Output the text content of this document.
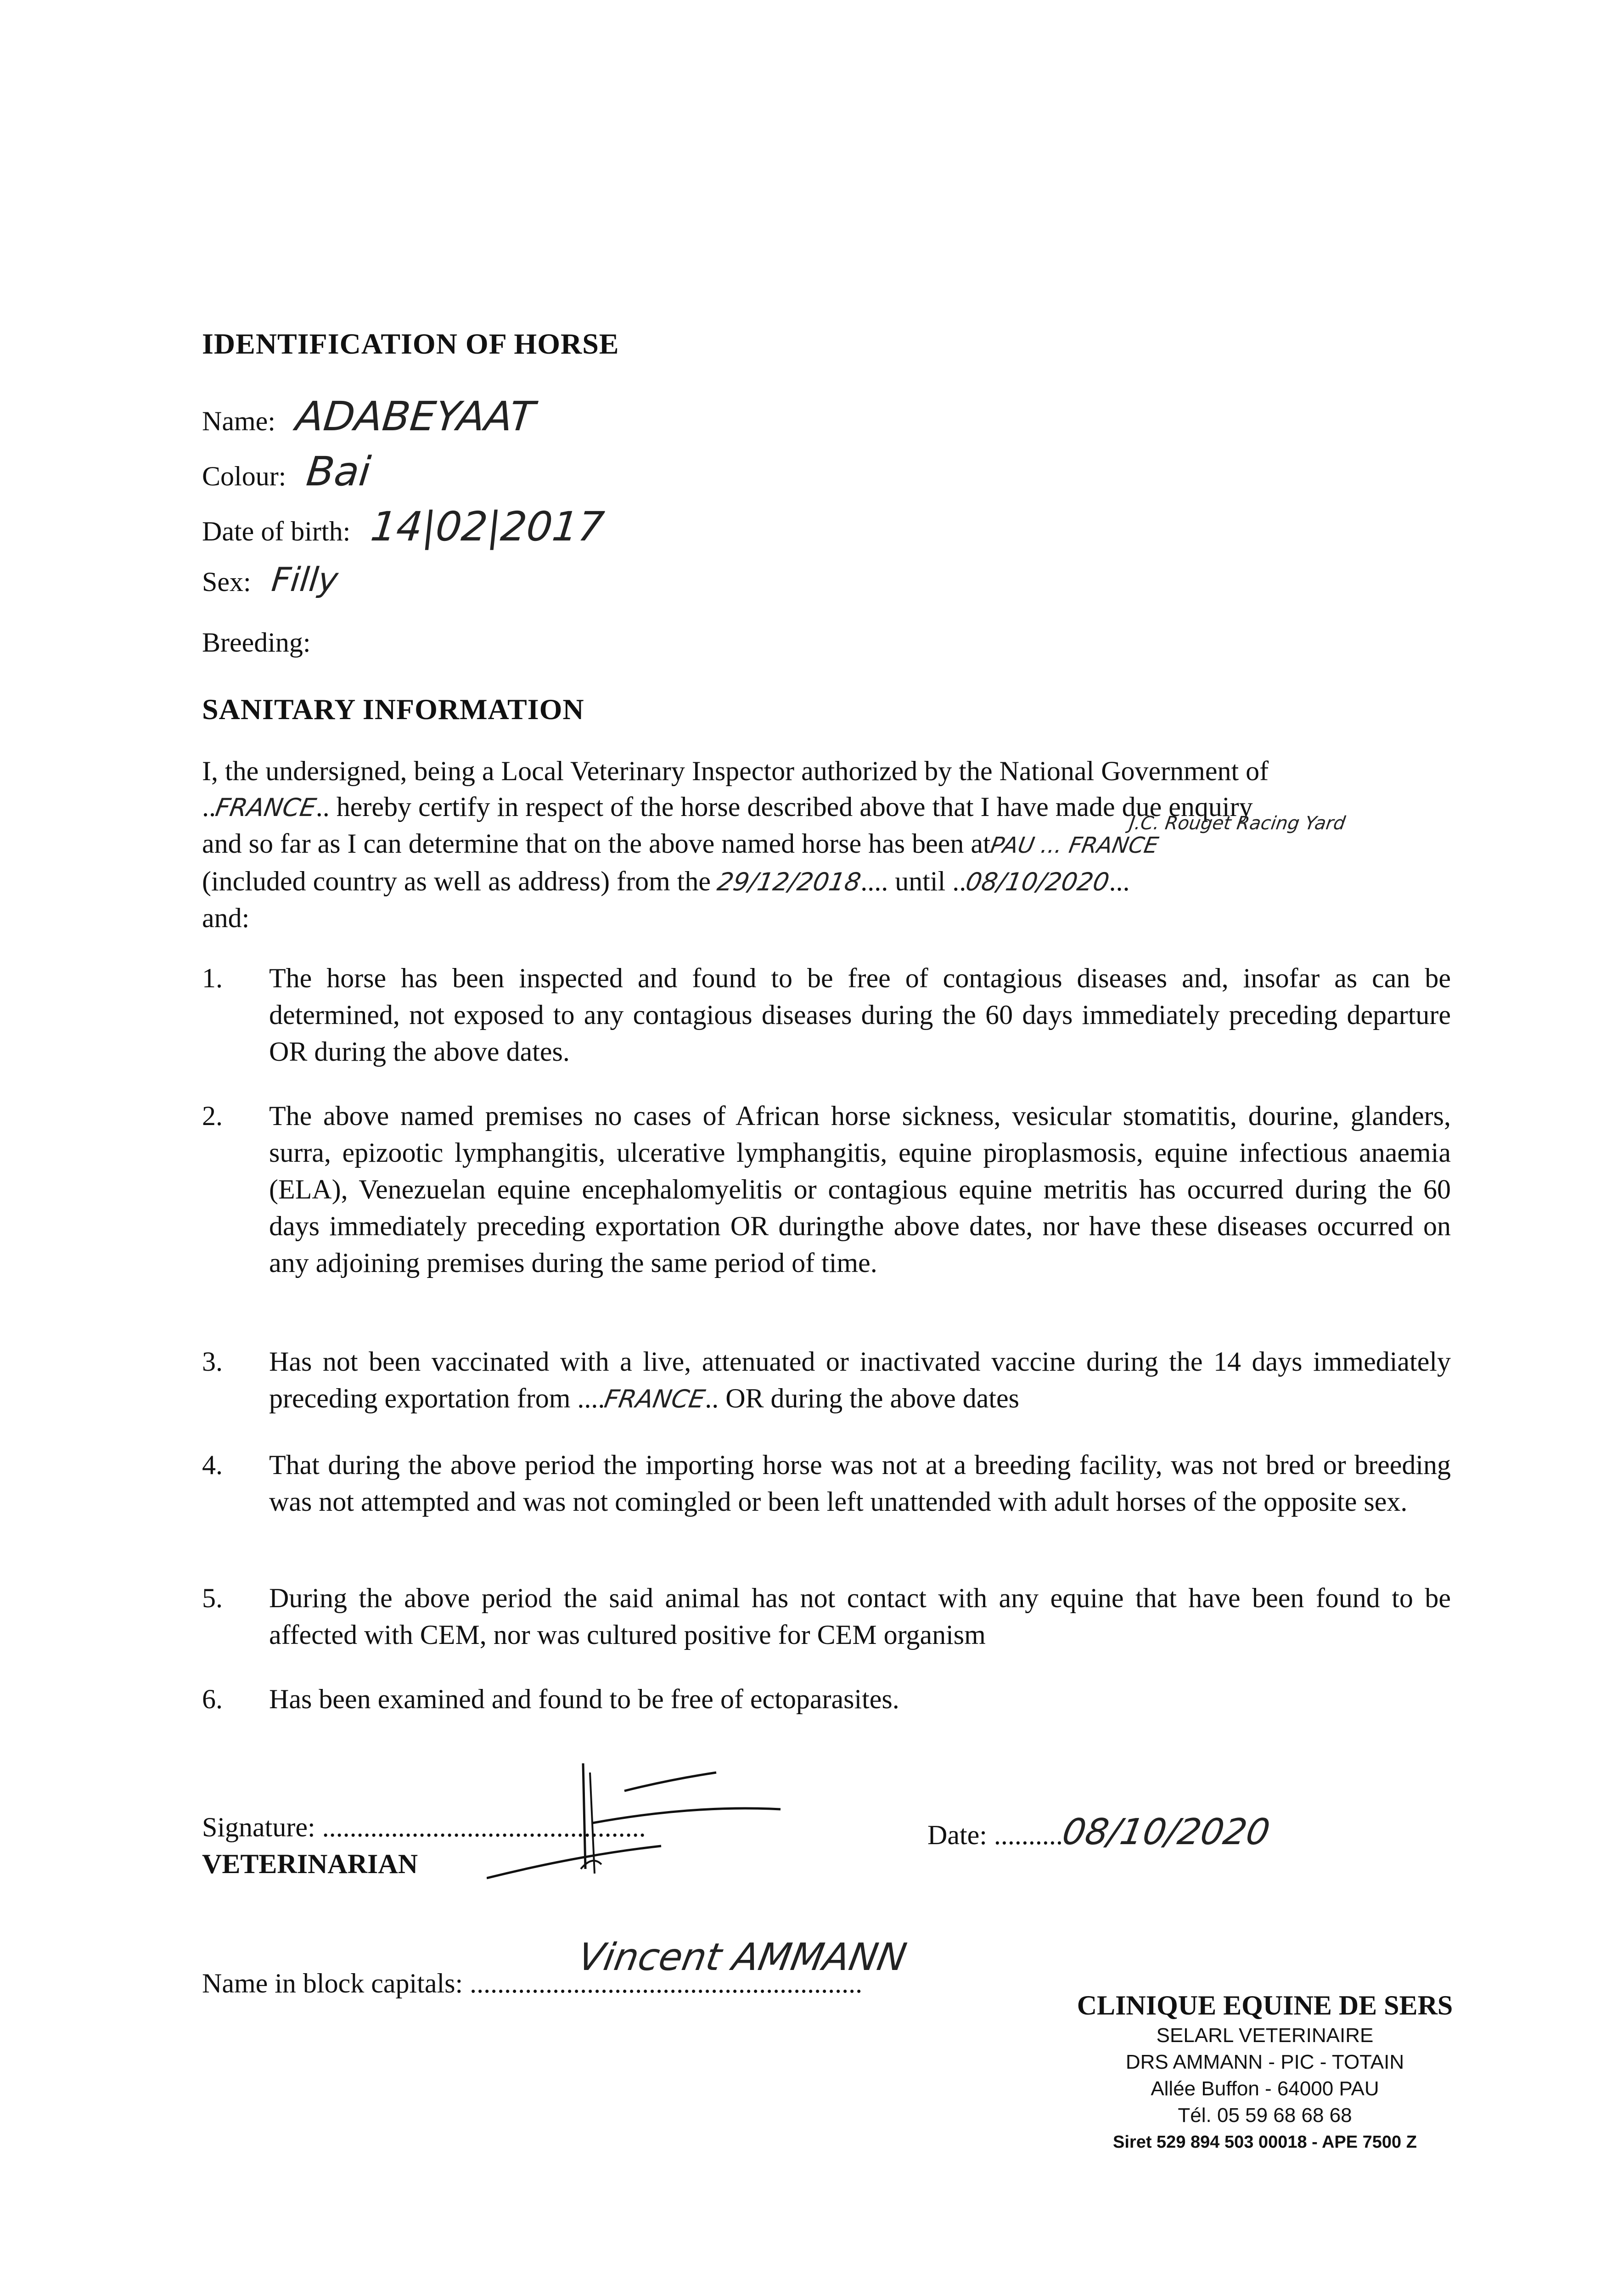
IDENTIFICATION OF HORSE
Name: ADABEYAAT
Colour: Bai
Date of birth: 14|02|2017
Sex: Filly
Breeding:
SANITARY INFORMATION
I, the undersigned, being a Local Veterinary Inspector authorized by the National Government of
..FRANCE.. hereby certify in respect of the horse described above that I have made due enquiry
and so far as I can determine that on the above named horse has been atPAU ... FRANCE
J.C. Rouget Racing Yard
(included country as well as address) from the 29/12/2018.... until ..08/10/2020...
and:
1.	The horse has been inspected and found to be free of contagious diseases and, insofar as can be determined, not exposed to any contagious diseases during the 60 days immediately preceding departure OR during the above dates.
2.	The above named premises no cases of African horse sickness, vesicular stomatitis, dourine, glanders, surra, epizootic lymphangitis, ulcerative lymphangitis, equine piroplasmosis, equine infectious anaemia (ELA), Venezuelan equine encephalomyelitis or contagious equine metritis has occurred during the 60 days immediately preceding exportation OR duringthe above dates, nor have these diseases occurred on any adjoining premises during the same period of time.
3.	Has not been vaccinated with a live, attenuated or inactivated vaccine during the 14 days immediately preceding exportation from ....FRANCE.. OR during the above dates
4.	That during the above period the importing horse was not at a breeding facility, was not bred or breeding was not attempted and was not comingled or been left unattended with adult horses of the opposite sex.
5.	During the above period the said animal has not contact with any equine that have been found to be affected with CEM, nor was cultured positive for CEM organism
6.	Has been examined and found to be free of ectoparasites.
Signature: ...............................................
VETERINARIAN
Date: ..........08/10/2020
Name in block capitals: .........................................................
Vincent AMMANN
CLINIQUE EQUINE DE SERS
SELARL VETERINAIRE
DRS AMMANN - PIC - TOTAIN
Allée Buffon - 64000 PAU
Tél. 05 59 68 68 68
Siret 529 894 503 00018 - APE 7500 Z
